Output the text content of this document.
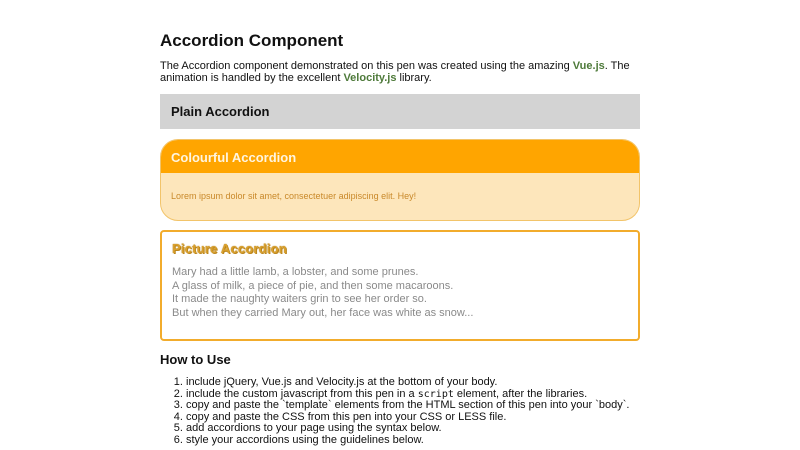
Accordion Component

The Accordion component demonstrated on this pen was created using the amazing Vue.js. The animation is handled by the excellent Velocity.js library.

Plain Accordion
Colourful Accordion
Lorem ipsum dolor sit amet, consectetuer adipiscing elit. Hey!
Picture Accordion
Mary had a little lamb, a lobster, and some prunes.
A glass of milk, a piece of pie, and then some macaroons.
It made the naughty waiters grin to see her order so.
But when they carried Mary out, her face was white as snow...
How to Use
1. include jQuery, Vue.js and Velocity.js at the bottom of your body.
2. include the custom javascript from this pen in a script element, after the libraries.
3. copy and paste the `template` elements from the HTML section of this pen into your `body`.
4. copy and paste the CSS from this pen into your CSS or LESS file.
5. add accordions to your page using the syntax below.
6. style your accordions using the guidelines below.
